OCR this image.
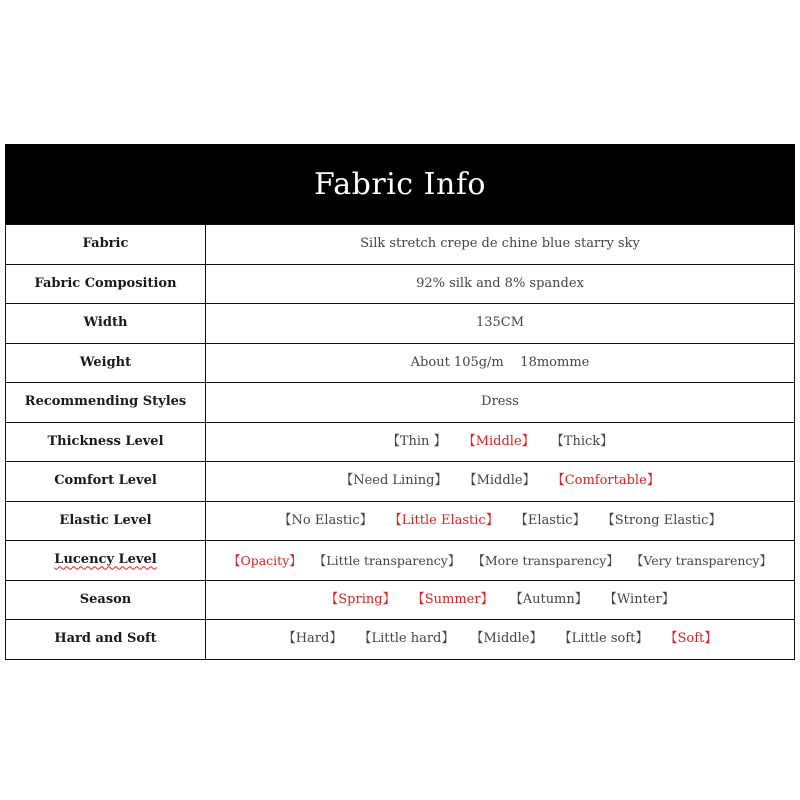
Fabric Info
Fabric	Silk stretch crepe de chine blue starry sky
Fabric Composition	92% silk and 8% spandex
Width	135CM
Weight	About 105g/m    18momme
Recommending Styles	Dress
Thickness Level	【Thin 】 【Middle】 【Thick】
Comfort Level	【Need Lining】 【Middle】 【Comfortable】
Elastic Level	【No Elastic】 【Little Elastic】 【Elastic】 【Strong Elastic】
Lucency Level	【Opacity】 【Little transparency】 【More transparency】 【Very transparency】
Season	【Spring】 【Summer】 【Autumn】 【Winter】
Hard and Soft	【Hard】 【Little hard】 【Middle】 【Little soft】 【Soft】
